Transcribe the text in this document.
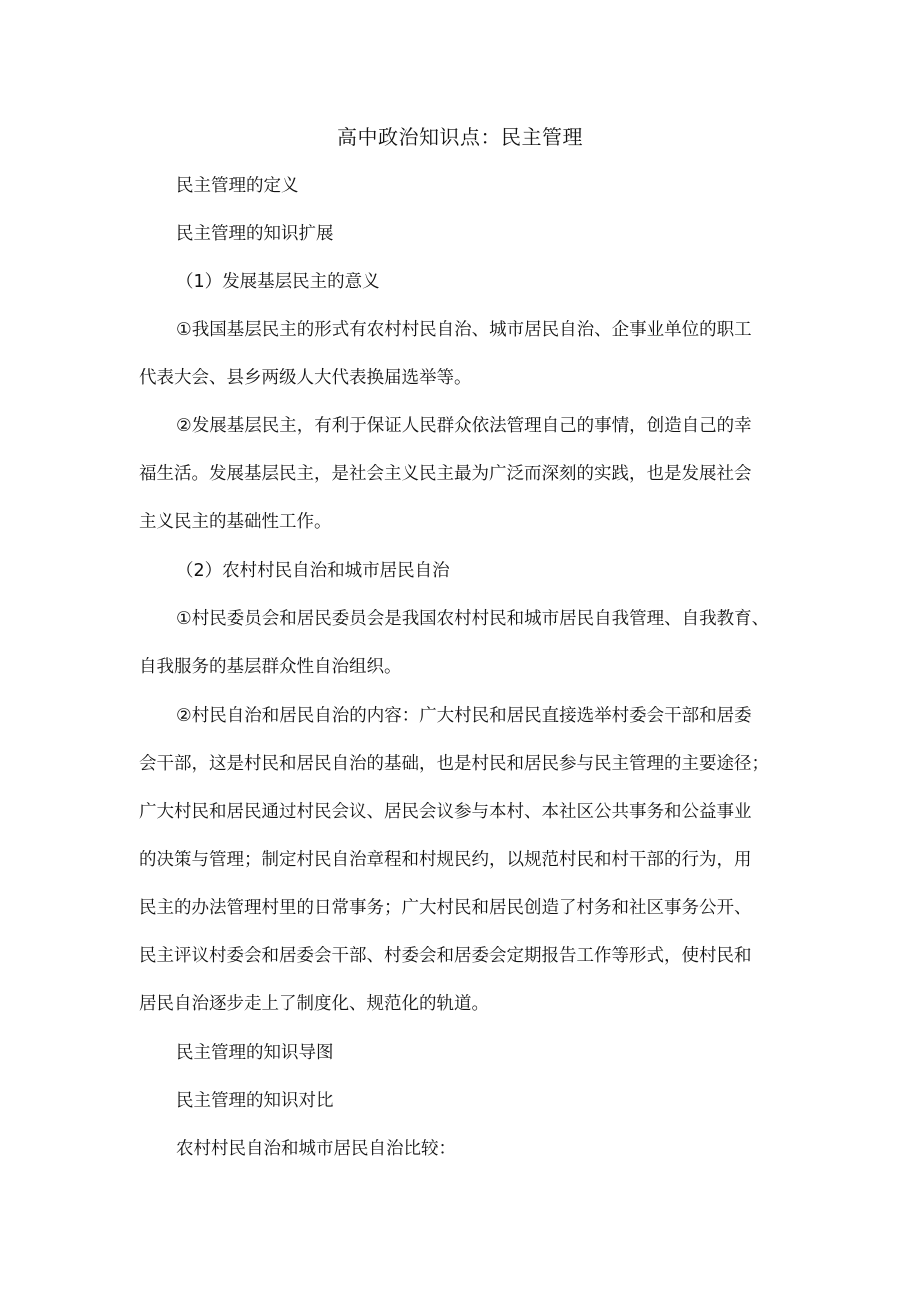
高中政治知识点：民主管理
民主管理的定义
民主管理的知识扩展
（1）发展基层民主的意义
①我国基层民主的形式有农村村民自治、城市居民自治、企事业单位的职工
代表大会、县乡两级人大代表换届选举等。
②发展基层民主，有利于保证人民群众依法管理自己的事情，创造自己的幸
福生活。发展基层民主，是社会主义民主最为广泛而深刻的实践，也是发展社会
主义民主的基础性工作。
（2）农村村民自治和城市居民自治
①村民委员会和居民委员会是我国农村村民和城市居民自我管理、自我教育、
自我服务的基层群众性自治组织。
②村民自治和居民自治的内容：广大村民和居民直接选举村委会干部和居委
会干部，这是村民和居民自治的基础，也是村民和居民参与民主管理的主要途径；
广大村民和居民通过村民会议、居民会议参与本村、本社区公共事务和公益事业
的决策与管理；制定村民自治章程和村规民约，以规范村民和村干部的行为，用
民主的办法管理村里的日常事务；广大村民和居民创造了村务和社区事务公开、
民主评议村委会和居委会干部、村委会和居委会定期报告工作等形式，使村民和
居民自治逐步走上了制度化、规范化的轨道。
民主管理的知识导图
民主管理的知识对比
农村村民自治和城市居民自治比较：
